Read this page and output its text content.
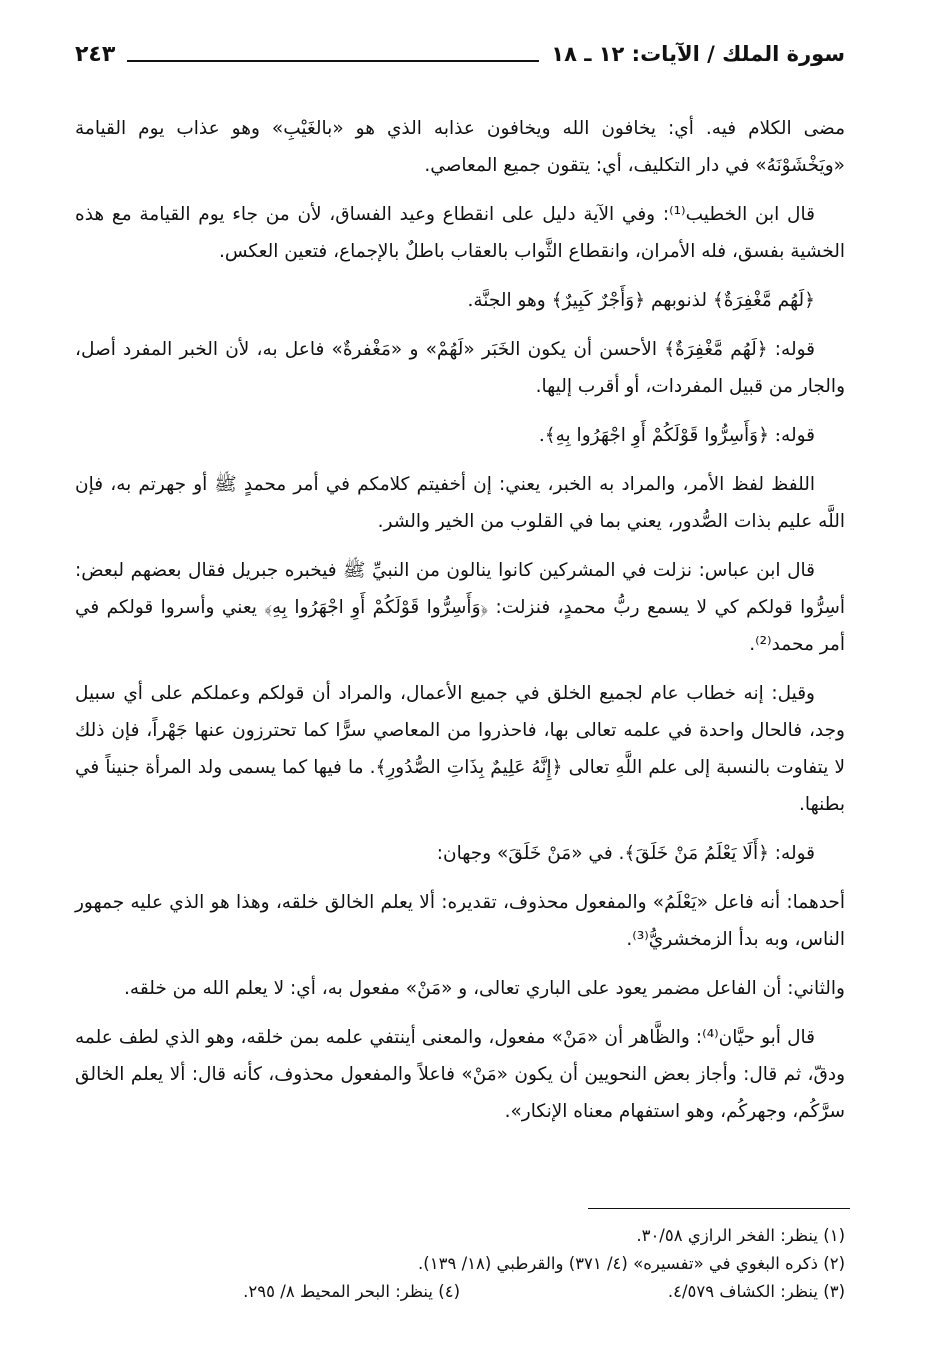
سورة الملك / الآيات: ١٢ ـ ١٨
٢٤٣

مضى الكلام فيه. أي: يخافون الله ويخافون عذابه الذي هو «بالغَيْبِ» وهو عذاب يوم القيامة «ويَخْشَوْنَهُ» في دار التكليف، أي: يتقون جميع المعاصي.

قال ابن الخطيب⁽¹⁾: وفي الآية دليل على انقطاع وعيد الفساق، لأن من جاء يوم القيامة مع هذه الخشية بفسق، فله الأمران، وانقطاع الثَّواب بالعقاب باطلٌ بالإجماع، فتعين العكس.

﴿لَهُم مَّغْفِرَةٌ﴾ لذنوبهم ﴿وَأَجْرٌ كَبِيرٌ﴾ وهو الجنَّة.

قوله: ﴿لَهُم مَّغْفِرَةٌ﴾ الأحسن أن يكون الخَبَر «لَهُمْ» و «مَغْفرةٌ» فاعل به، لأن الخبر المفرد أصل، والجار من قبيل المفردات، أو أقرب إليها.

قوله: ﴿وَأَسِرُّوا قَوْلَكُمْ أَوِ اجْهَرُوا بِهِ﴾.

اللفظ لفظ الأمر، والمراد به الخبر، يعني: إن أخفيتم كلامكم في أمر محمدٍ ﷺ أو جهرتم به، فإن اللَّه عليم بذات الصُّدور، يعني بما في القلوب من الخير والشر.

قال ابن عباس: نزلت في المشركين كانوا ينالون من النبيِّ ﷺ فيخبره جبريل فقال بعضهم لبعض: أسِرُّوا قولكم كي لا يسمع ربُّ محمدٍ، فنزلت: ﴿وَأَسِرُّوا قَوْلَكُمْ أَوِ اجْهَرُوا بِهِ﴾ يعني وأسروا قولكم في أمر محمد⁽²⁾.

وقيل: إنه خطاب عام لجميع الخلق في جميع الأعمال، والمراد أن قولكم وعملكم على أي سبيل وجد، فالحال واحدة في علمه تعالى بها، فاحذروا من المعاصي سرًّا كما تحترزون عنها جَهْراً، فإن ذلك لا يتفاوت بالنسبة إلى علم اللَّهِ تعالى ﴿إِنَّهُ عَلِيمٌ بِذَاتِ الصُّدُورِ﴾. ما فيها كما يسمى ولد المرأة جنيناً في بطنها.

قوله: ﴿أَلَا يَعْلَمُ مَنْ خَلَقَ﴾. في «مَنْ خَلَقَ» وجهان:

أحدهما: أنه فاعل «يَعْلَمُ» والمفعول محذوف، تقديره: ألا يعلم الخالق خلقه، وهذا هو الذي عليه جمهور الناس، وبه بدأ الزمخشريُّ⁽³⁾.

والثاني: أن الفاعل مضمر يعود على الباري تعالى، و «مَنْ» مفعول به، أي: لا يعلم الله من خلقه.

قال أبو حيَّان⁽⁴⁾: والظَّاهر أن «مَنْ» مفعول، والمعنى أينتفي علمه بمن خلقه، وهو الذي لطف علمه ودقّ، ثم قال: وأجاز بعض النحويين أن يكون «مَنْ» فاعلاً والمفعول محذوف، كأنه قال: ألا يعلم الخالق سرَّكُم، وجهركُم، وهو استفهام معناه الإنكار».

(١) ينظر: الفخر الرازي ٣٠/٥٨.

(٢) ذكره البغوي في «تفسيره» (٤/ ٣٧١) والقرطبي (١٨/ ١٣٩).

(٣) ينظر: الكشاف ٤/٥٧٩.

(٤) ينظر: البحر المحيط ٨/ ٢٩٥.
